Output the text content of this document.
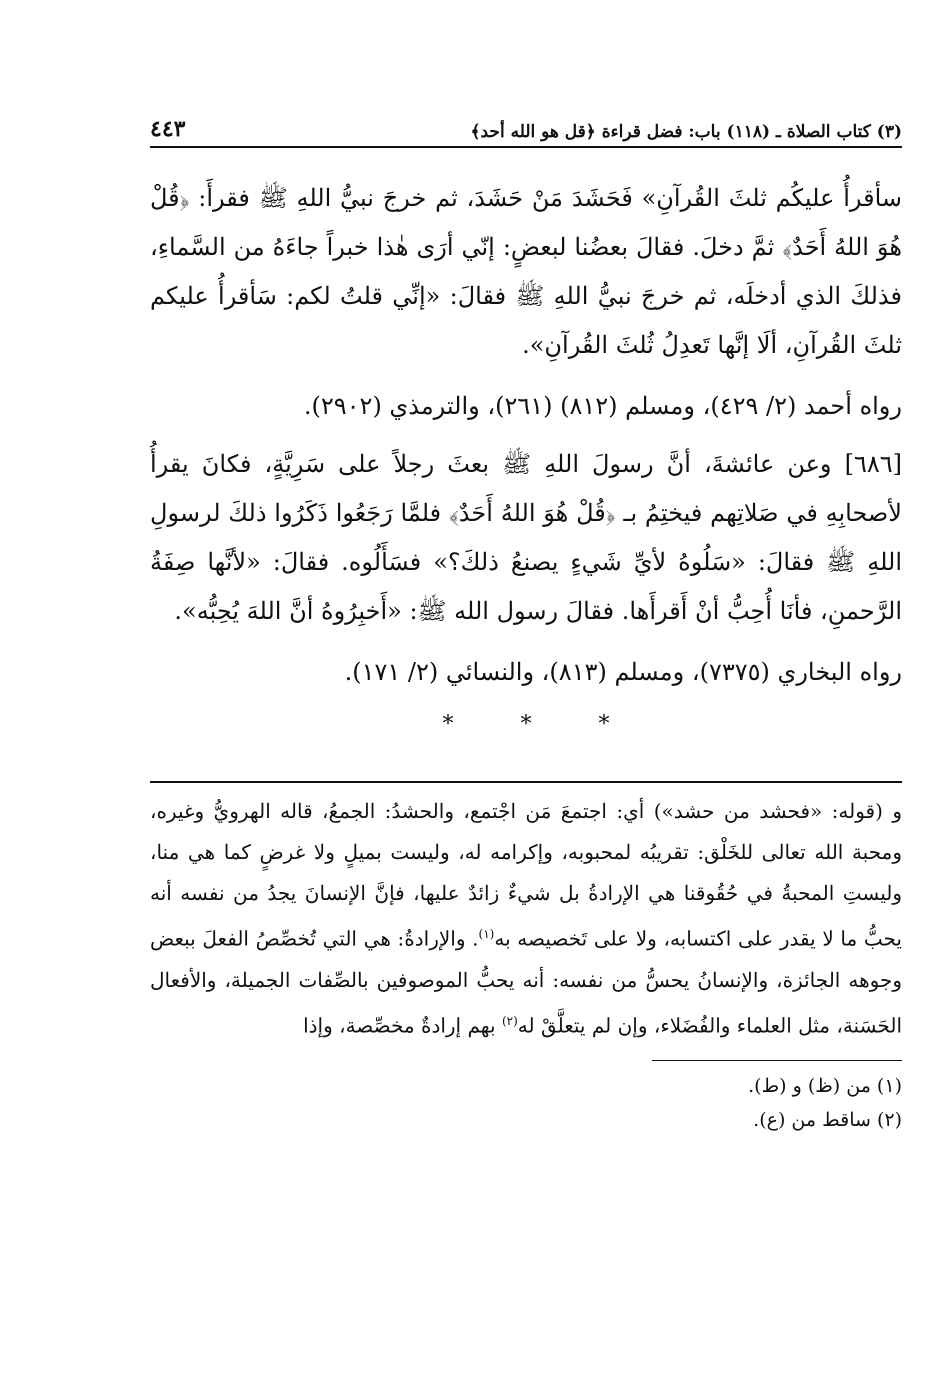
(٣) كتاب الصلاة ـ (١١٨) باب: فضل قراءة ﴿قل هو الله أحد﴾
٤٤٣

سأقرأُ عليكُم ثلثَ القُرآنِ» فَحَشَدَ مَنْ حَشَدَ، ثم خرجَ نبيُّ اللهِ ﷺ فقرأَ: ﴿قُلْ هُوَ اللهُ أَحَدٌ﴾ ثمَّ دخلَ. فقالَ بعضُنا لبعضٍ: إنّي أرَى هٰذا خبراً جاءَهُ من السَّماءِ، فذلكَ الذي أدخلَه، ثم خرجَ نبيُّ اللهِ ﷺ فقالَ: «إنِّي قلتُ لكم: سَأقرأُ عليكم ثلثَ القُرآنِ، ألَا إنَّها تَعدِلُ ثُلثَ القُرآنِ».

رواه أحمد (٢/ ٤٢٩)، ومسلم (٨١٢) (٢٦١)، والترمذي (٢٩٠٢).

[٦٨٦] وعن عائشةَ، أنَّ رسولَ اللهِ ﷺ بعثَ رجلاً على سَرِيَّةٍ، فكانَ يقرأُ لأصحابِهِ في صَلاتِهم فيختِمُ بـ ﴿قُلْ هُوَ اللهُ أَحَدٌ﴾ فلمَّا رَجَعُوا ذَكَرُوا ذلكَ لرسولِ اللهِ ﷺ فقالَ: «سَلُوهُ لأيِّ شَيءٍ يصنعُ ذلكَ؟» فسَأَلُوه. فقالَ: «لأنَّها صِفَةُ الرَّحمنِ، فأنَا أُحِبُّ أنْ أَقرأَها. فقالَ رسول الله ﷺ: «أَخبِرُوهُ أنَّ اللهَ يُحِبُّه».

رواه البخاري (٧٣٧٥)، ومسلم (٨١٣)، والنسائي (٢/ ١٧١).

*	*	*

و (قوله: «فحشد من حشد») أي: اجتمعَ مَن اجْتمع، والحشدُ: الجمعُ، قاله الهرويُّ وغيره، ومحبة الله تعالى للخَلْق: تقريبُه لمحبوبه، وإكرامه له، وليست بميلٍ ولا غرضٍ كما هي منا، وليستِ المحبةُ في حُقُوقنا هي الإرادةُ بل شيءٌ زائدٌ عليها، فإنَّ الإنسانَ يجدُ من نفسه أنه يحبُّ ما لا يقدر على اكتسابه، ولا على تَخصيصه به$^{(١)}$. والإرادةُ: هي التي تُخصِّصُ الفعلَ ببعض وجوهه الجائزة، والإنسانُ يحسُّ من نفسه: أنه يحبُّ الموصوفين بالصِّفات الجميلة، والأفعال الحَسَنة، مثل العلماء والفُضَلاء، وإن لم يتعلَّقْ له$^{(٢)}$ بهم إرادةٌ مخصِّصة، وإذا

(١) من (ظ) و (ط).

(٢) ساقط من (ع).
